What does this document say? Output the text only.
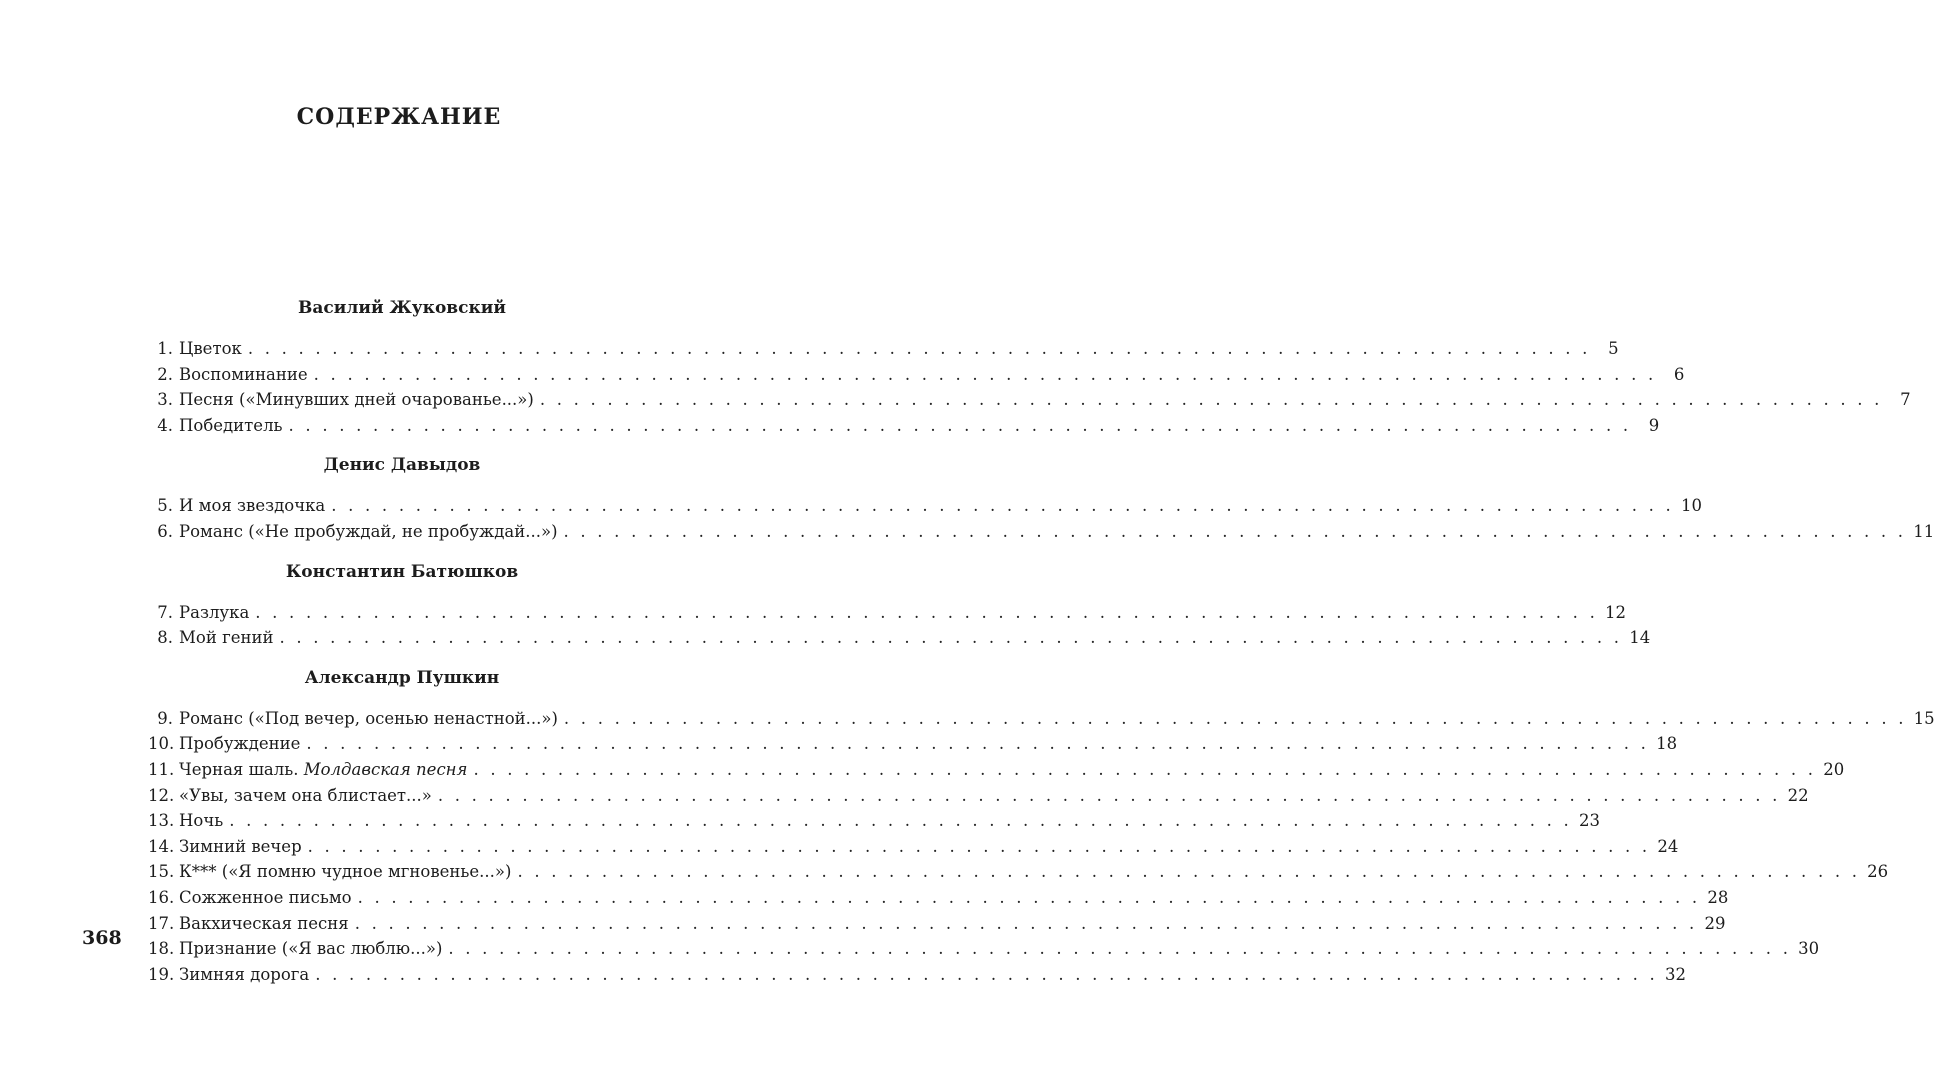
СОДЕРЖАНИЕ
Василий Жуковский
1. Цветок . . . . . . . . . . . . . . . . . . . . . . . . . . . . . . . . . . . . . . . . . . . . . . . . . . . . . . . . . . . . . . . . . . . . . . . . . . . . . . . .	5
2. Воспоминание . . . . . . . . . . . . . . . . . . . . . . . . . . . . . . . . . . . . . . . . . . . . . . . . . . . . . . . . . . . . . . . . . . . . . . . . . . . . . . . .	6
3. Песня («Минувших дней очарованье...») . . . . . . . . . . . . . . . . . . . . . . . . . . . . . . . . . . . . . . . . . . . . . . . . . . . . . . . . . . . . . . . . . . . . . . . . . . . . . . . .	7
4. Победитель . . . . . . . . . . . . . . . . . . . . . . . . . . . . . . . . . . . . . . . . . . . . . . . . . . . . . . . . . . . . . . . . . . . . . . . . . . . . . . . .	9
Денис Давыдов
5. И моя звездочка . . . . . . . . . . . . . . . . . . . . . . . . . . . . . . . . . . . . . . . . . . . . . . . . . . . . . . . . . . . . . . . . . . . . . . . . . . . . . . . . 10
6. Романс («Не пробуждай, не пробуждай...») . . . . . . . . . . . . . . . . . . . . . . . . . . . . . . . . . . . . . . . . . . . . . . . . . . . . . . . . . . . . . . . . . . . . . . . . . . . . . . . . 11
Константин Батюшков
7. Разлука . . . . . . . . . . . . . . . . . . . . . . . . . . . . . . . . . . . . . . . . . . . . . . . . . . . . . . . . . . . . . . . . . . . . . . . . . . . . . . . . 12
8. Мой гений . . . . . . . . . . . . . . . . . . . . . . . . . . . . . . . . . . . . . . . . . . . . . . . . . . . . . . . . . . . . . . . . . . . . . . . . . . . . . . . . 14
Александр Пушкин
9. Романс («Под вечер, осенью ненастной...») . . . . . . . . . . . . . . . . . . . . . . . . . . . . . . . . . . . . . . . . . . . . . . . . . . . . . . . . . . . . . . . . . . . . . . . . . . . . . . . . 15
10. Пробуждение . . . . . . . . . . . . . . . . . . . . . . . . . . . . . . . . . . . . . . . . . . . . . . . . . . . . . . . . . . . . . . . . . . . . . . . . . . . . . . . . 18
11. Черная шаль. Молдавская песня . . . . . . . . . . . . . . . . . . . . . . . . . . . . . . . . . . . . . . . . . . . . . . . . . . . . . . . . . . . . . . . . . . . . . . . . . . . . . . . . 20
12. «Увы, зачем она блистает...» . . . . . . . . . . . . . . . . . . . . . . . . . . . . . . . . . . . . . . . . . . . . . . . . . . . . . . . . . . . . . . . . . . . . . . . . . . . . . . . . 22
13. Ночь . . . . . . . . . . . . . . . . . . . . . . . . . . . . . . . . . . . . . . . . . . . . . . . . . . . . . . . . . . . . . . . . . . . . . . . . . . . . . . . . 23
14. Зимний вечер . . . . . . . . . . . . . . . . . . . . . . . . . . . . . . . . . . . . . . . . . . . . . . . . . . . . . . . . . . . . . . . . . . . . . . . . . . . . . . . . 24
15. К*** («Я помню чудное мгновенье...») . . . . . . . . . . . . . . . . . . . . . . . . . . . . . . . . . . . . . . . . . . . . . . . . . . . . . . . . . . . . . . . . . . . . . . . . . . . . . . . . 26
16. Сожженное письмо . . . . . . . . . . . . . . . . . . . . . . . . . . . . . . . . . . . . . . . . . . . . . . . . . . . . . . . . . . . . . . . . . . . . . . . . . . . . . . . . 28
17. Вакхическая песня . . . . . . . . . . . . . . . . . . . . . . . . . . . . . . . . . . . . . . . . . . . . . . . . . . . . . . . . . . . . . . . . . . . . . . . . . . . . . . . . 29
18. Признание («Я вас люблю...») . . . . . . . . . . . . . . . . . . . . . . . . . . . . . . . . . . . . . . . . . . . . . . . . . . . . . . . . . . . . . . . . . . . . . . . . . . . . . . . . 30
19. Зимняя дорога . . . . . . . . . . . . . . . . . . . . . . . . . . . . . . . . . . . . . . . . . . . . . . . . . . . . . . . . . . . . . . . . . . . . . . . . . . . . . . . . 32
368
